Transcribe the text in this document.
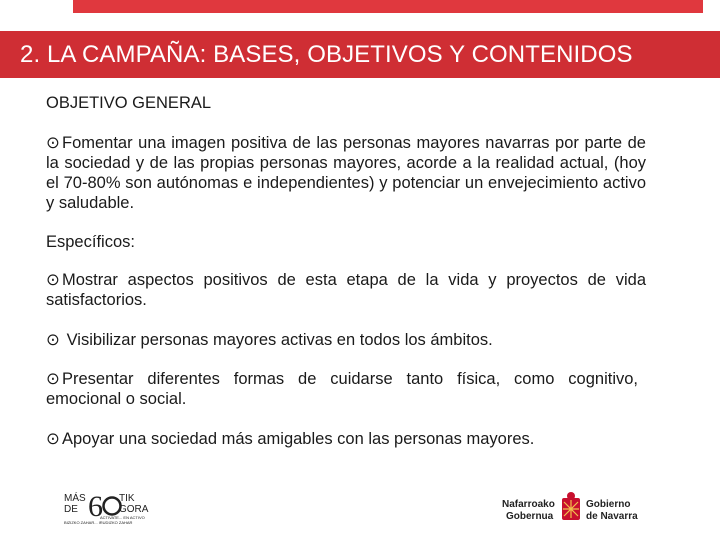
2. LA CAMPAÑA: BASES, OBJETIVOS Y CONTENIDOS
OBJETIVO GENERAL

⊙ Fomentar una imagen positiva de las personas mayores navarras por parte de la sociedad y de las propias personas mayores, acorde a la realidad actual, (hoy el 70-80% son autónomas e independientes) y potenciar un envejecimiento activo y saludable.

Específicos:

⊙ Mostrar aspectos positivos de esta etapa de la vida y proyectos de vida satisfactorios.

⊙ Visibilizar personas mayores activas en todos los ámbitos.

⊙ Presentar diferentes formas de cuidarse tanto física, como cognitivo, emocional o social.

⊙ Apoyar una sociedad más amigables con las personas mayores.

MÁS
DE 6 TIK
GORA
ACTIVATE... EN ACTIVO
BIZIZKO ZAHAR... IRUDIZKO ZAHAR
Nafarroako
Gobernua
Gobierno
de Navarra
